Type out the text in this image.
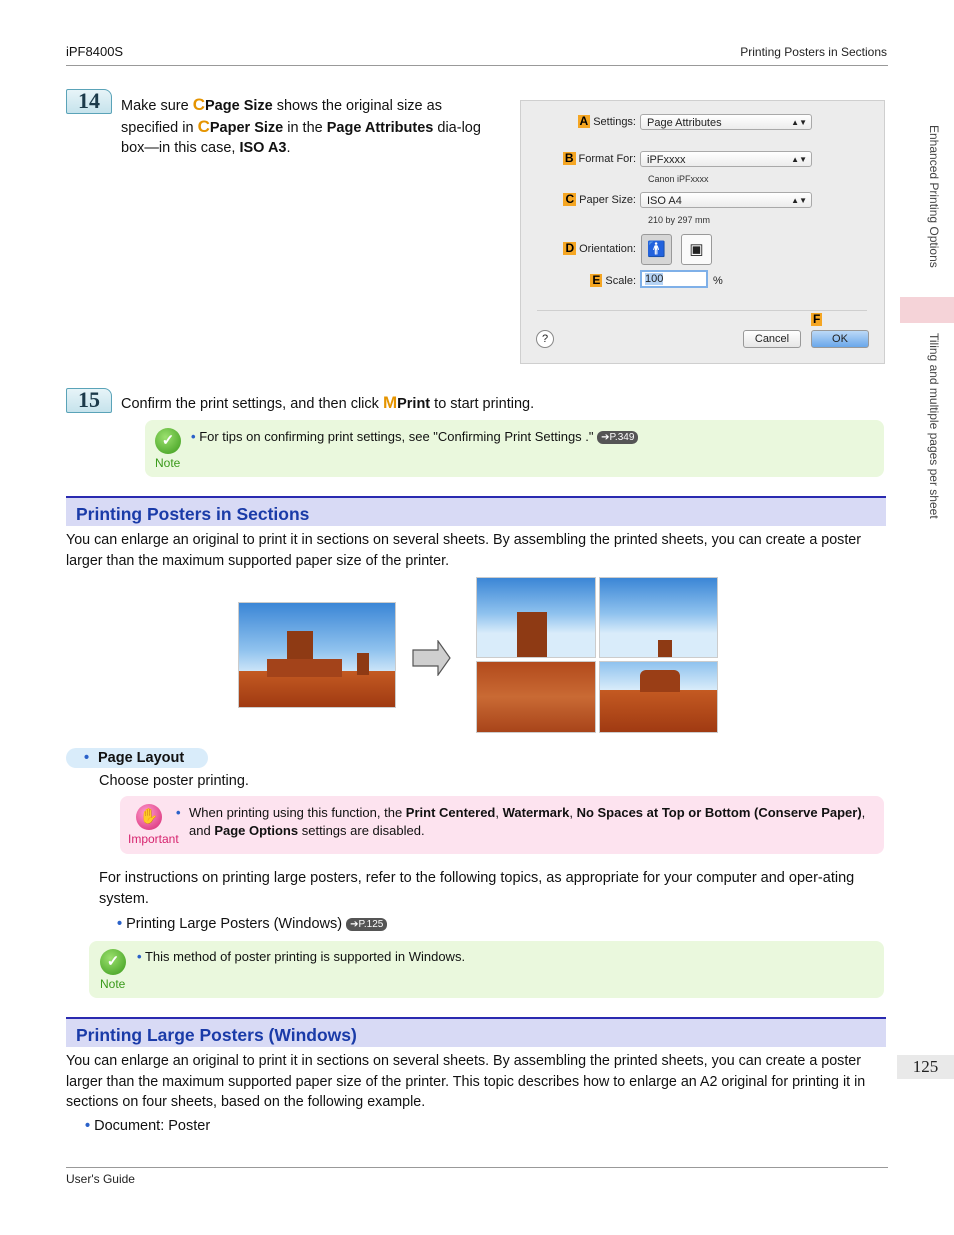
iPF8400S	Printing Posters in Sections
User's Guide
Enhanced Printing Options
Tiling and multiple pages per sheet
125
14	Make sure CPage Size shows the original size as specified in CPaper Size in the Page Attributes dia-log box—in this case, ISO A3.
A Settings:	Page Attributes	▲▼
B Format For:	iPFxxxx	▲▼
Canon iPFxxxx
C Paper Size:	ISO A4	▲▼
210 by 297 mm
D Orientation: 🚹	▣
E Scale: 100	%
?	Cancel
F
OK
15	Confirm the print settings, and then click MPrint to start printing.
✓
Note
• For tips on confirming print settings, see "Confirming Print Settings ." ➔P.349
Printing Posters in Sections
You can enlarge an original to print it in sections on several sheets. By assembling the printed sheets, you can create a poster larger than the maximum supported paper size of the printer.
• Page Layout
Choose poster printing.
✋
Important
• When printing using this function, the Print Centered, Watermark, No Spaces at Top or Bottom (Conserve Paper), and Page Options settings are disabled.
For instructions on printing large posters, refer to the following topics, as appropriate for your computer and oper-ating system.
• Printing Large Posters (Windows) ➔P.125
✓
Note
• This method of poster printing is supported in Windows.
Printing Large Posters (Windows)
You can enlarge an original to print it in sections on several sheets. By assembling the printed sheets, you can create a poster larger than the maximum supported paper size of the printer. This topic describes how to enlarge an A2 original for printing it in sections on four sheets, based on the following example.
• Document: Poster
